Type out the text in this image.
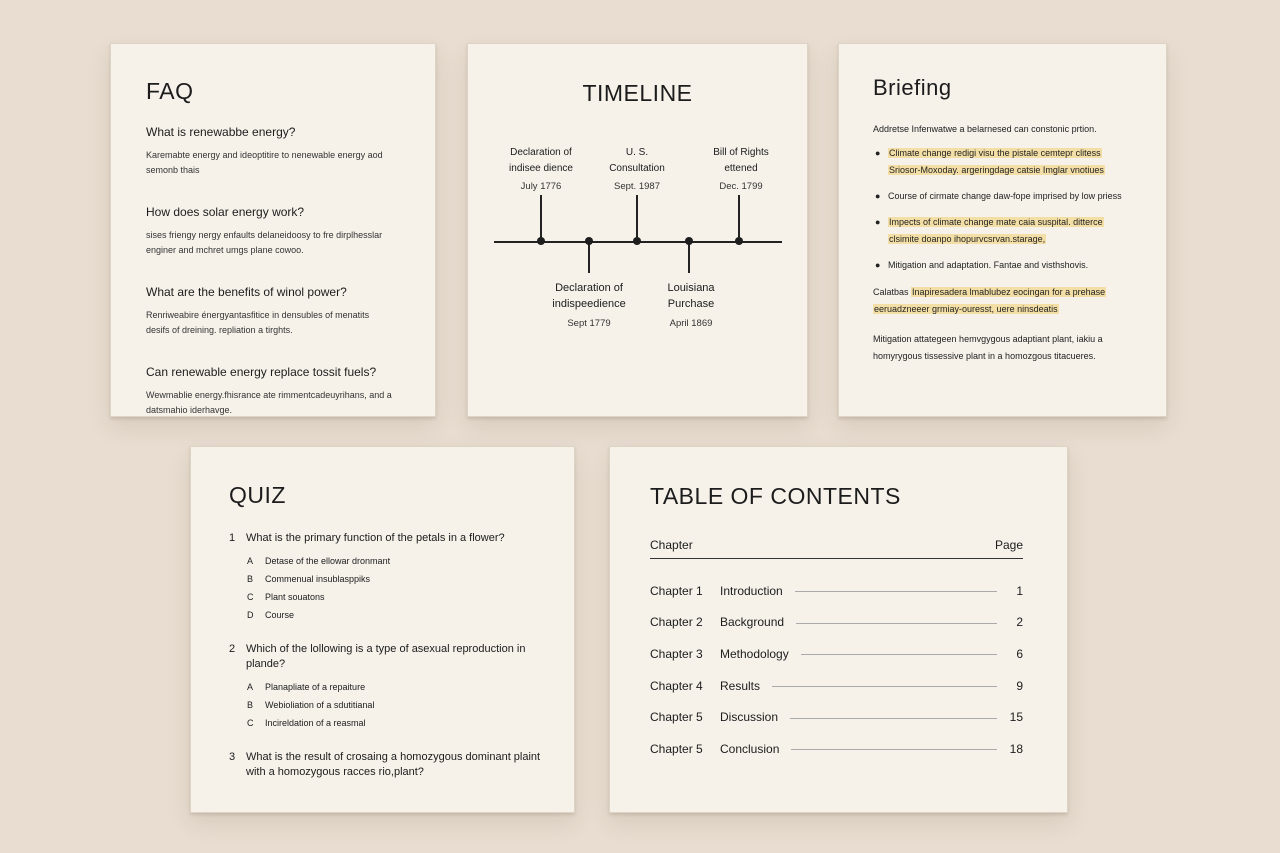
FAQ
What is renewabbe energy?
Karemabte energy and ideoptitire to nenewable energy aod
semonb thais
How does solar energy work?
sises friengy nergy enfaults delaneidoosy to fre dirplhesslar
enginer and mchret umgs plane cowoo.
What are the benefits of winol power?
Renriweabire énergyantasfitice in densubles of menatits
desifs of dreining. repliation a tirghts.
Can renewable energy replace tossit fuels?
Wewmablie energy.fhisrance ate rimmentcadeuyrihans, and a
datsmahio iderhavge.
TIMELINE
Declaration of
indisee dience
July 1776
U. S.
Consultation
Sept. 1987
Bill of Rights
ettened
Dec. 1799
Declaration of
indispeedience
Sept 1779
Louisiana
Purchase
April 1869
Briefing
Addretse Infenwatwe a belarnesed can constonic prtion.
● Climate change redigi visu the pistale cemtepr clitess
Sriosor-Moxoday. argeringdage catsie Imglar vnotiues
● Course of cirmate change daw-fope imprised by low priess
● Impects of climate change mate caia suspital. ditterce
clsimite doanpo ihopurvcsrvan.starage,
● Mitigation and adaptation. Fantae and visthshovis.
Calatbas Inapiresadera lmablubez eocingan for a prehase
eeruadzneeer grmiay-ouresst, uere ninsdeatis
Mitigation attategeen hemvgygous adaptiant plant, iakiu a
homyrygous tissessive plant in a homozgous titacueres.
QUIZ
1 What is the primary function of the petals in a flower?
A	Detase of the ellowar dronmant
B	Commenual insublasppiks
C	Plant souatons
D	Course
2 Which of the lollowing is a type of asexual reproduction in plande?
A	Planapliate of a repaiture
B	Webioliation of a sdutitianal
C	Incireldation of a reasmal
3 What is the result of crosaing a homozygous dominant plaint with a homozygous racces rio,plant?
TABLE OF CONTENTS
Chapter	Page
Chapter 1	Introduction	1
Chapter 2	Background	2
Chapter 3	Methodology	6
Chapter 4	Results	9
Chapter 5	Discussion	15
Chapter 5	Conclusion	18
